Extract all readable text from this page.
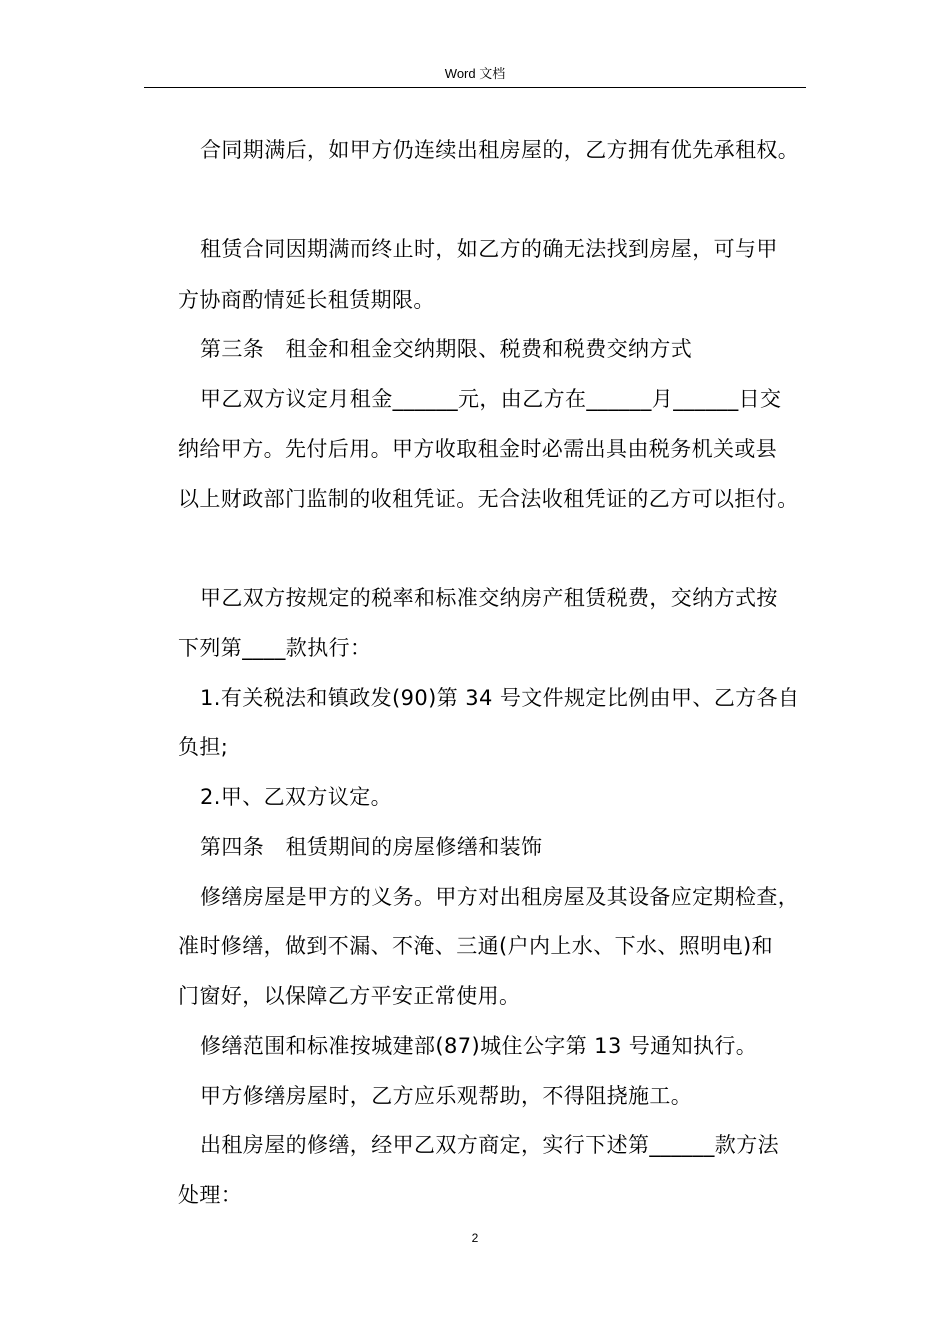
Word 文档
合同期满后，如甲方仍连续出租房屋的，乙方拥有优先承租权。
租赁合同因期满而终止时，如乙方的确无法找到房屋，可与甲
方协商酌情延长租赁期限。
第三条　租金和租金交纳期限、税费和税费交纳方式
甲乙双方议定月租金______元，由乙方在______月______日交
纳给甲方。先付后用。甲方收取租金时必需出具由税务机关或县
以上财政部门监制的收租凭证。无合法收租凭证的乙方可以拒付。
甲乙双方按规定的税率和标准交纳房产租赁税费，交纳方式按
下列第____款执行：
1.有关税法和镇政发(90)第 34 号文件规定比例由甲、乙方各自
负担;
2.甲、乙双方议定。
第四条　租赁期间的房屋修缮和装饰
修缮房屋是甲方的义务。甲方对出租房屋及其设备应定期检查，
准时修缮，做到不漏、不淹、三通(户内上水、下水、照明电)和
门窗好，以保障乙方平安正常使用。
修缮范围和标准按城建部(87)城住公字第 13 号通知执行。
甲方修缮房屋时，乙方应乐观帮助，不得阻挠施工。
出租房屋的修缮，经甲乙双方商定，实行下述第______款方法
处理：
2
